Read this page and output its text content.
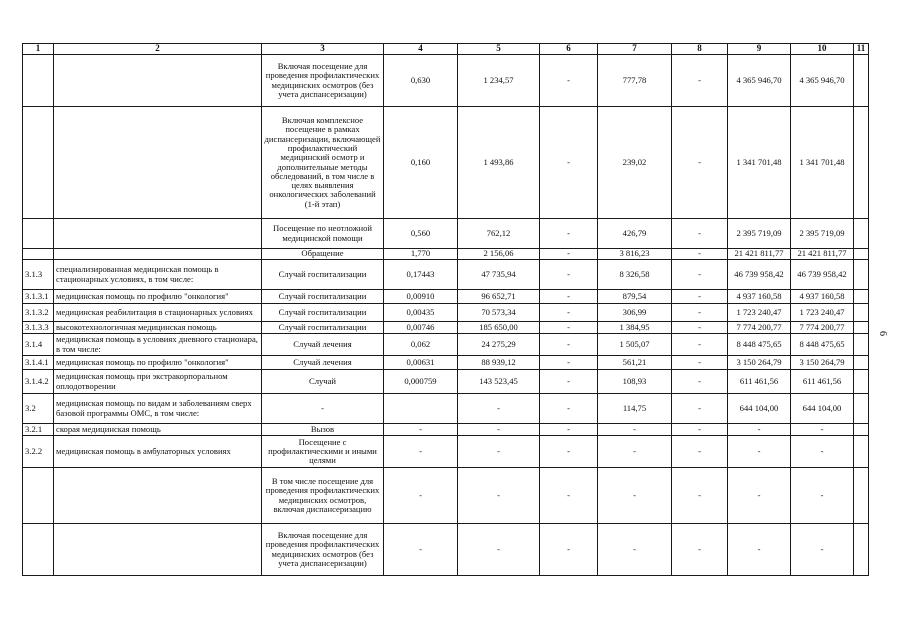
1	2	3	4	5	6	7	8	9	10	11
		Включая посещение для проведения профилактических медицинских осмотров (без учета диспансеризации)	0,630	1 234,57	-	777,78	-	4 365 946,70	4 365 946,70	
		Включая комплексное посещение в рамках диспансеризации, включающей профилактический медицинский осмотр и дополнительные методы обследований, в том числе в целях выявления онкологических заболеваний (1-й этап)	0,160	1 493,86	-	239,02	-	1 341 701,48	1 341 701,48	
		Посещение по неотложной медицинской помощи	0,560	762,12	-	426,79	-	2 395 719,09	2 395 719,09	
		Обращение	1,770	2 156,06	-	3 816,23	-	21 421 811,77	21 421 811,77	
3.1.3	специализированная медицинская помощь в стационарных условиях, в том числе:	Случай госпитализации	0,17443	47 735,94	-	8 326,58	-	46 739 958,42	46 739 958,42	
3.1.3.1	медицинская помощь по профилю "онкология"	Случай госпитализации	0,00910	96 652,71	-	879,54	-	4 937 160,58	4 937 160,58	
3.1.3.2	медицинская реабилитация в стационарных условиях	Случай госпитализации	0,00435	70 573,34	-	306,99	-	1 723 240,47	1 723 240,47	
3.1.3.3	высокотехнологичная медицинская помощь	Случай госпитализации	0,00746	185 650,00	-	1 384,95	-	7 774 200,77	7 774 200,77	
3.1.4	медицинская помощь в условиях дневного стационара, в том числе:	Случай лечения	0,062	24 275,29	-	1 505,07	-	8 448 475,65	8 448 475,65	
3.1.4.1	медицинская помощь по профилю "онкология"	Случай лечения	0,00631	88 939,12	-	561,21	-	3 150 264,79	3 150 264,79	
3.1.4.2	медицинская помощь при экстракорпоральном оплодотворении	Случай	0,000759	143 523,45	-	108,93	-	611 461,56	611 461,56	
3.2	медицинская помощь по видам и заболеваниям сверх базовой программы ОМС, в том числе:	-		-	-	114,75	-	644 104,00	644 104,00	
3.2.1	скорая медицинская помощь	Вызов	-	-	-	-	-	-	-	
3.2.2	медицинская помощь в амбулаторных условиях	Посещение с профилактическими и иными целями	-	-	-	-	-	-	-	
		В том числе посещение для проведения профилактических медицинских осмотров, включая диспансеризацию	-	-	-	-	-	-	-	
		Включая посещение для проведения профилактических медицинских осмотров (без учета диспансеризации)	-	-	-	-	-	-	-	
6
